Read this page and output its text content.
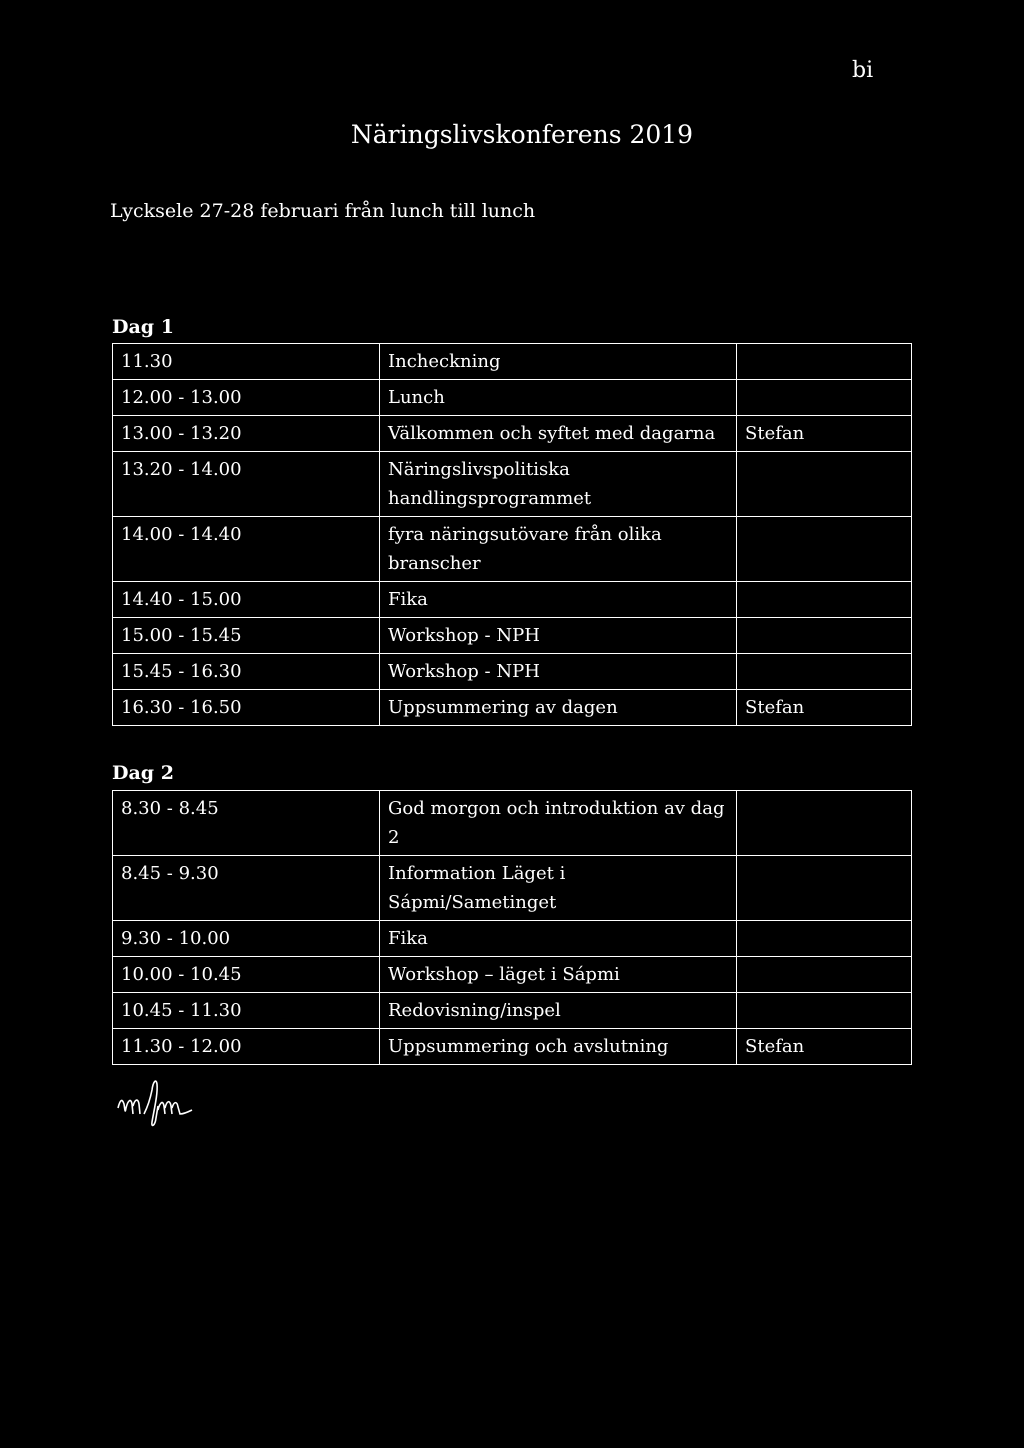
bi
Näringslivskonferens 2019
Lycksele 27-28 februari från lunch till lunch
Dag 1
11.30	Incheckning	
12.00 - 13.00	Lunch	
13.00 - 13.20	Välkommen och syftet med dagarna	Stefan
13.20 - 14.00	Näringslivspolitiska handlingsprogrammet	
14.00 - 14.40	fyra näringsutövare från olika branscher	
14.40 - 15.00	Fika	
15.00 - 15.45	Workshop - NPH	
15.45 - 16.30	Workshop - NPH	
16.30 - 16.50	Uppsummering av dagen	Stefan
Dag 2
8.30 - 8.45	God morgon och introduktion av dag 2	
8.45 - 9.30	Information Läget i Sápmi/Sametinget	
9.30 - 10.00	Fika	
10.00 - 10.45	Workshop – läget i Sápmi	
10.45 - 11.30	Redovisning/inspel	
11.30 - 12.00	Uppsummering och avslutning	Stefan
